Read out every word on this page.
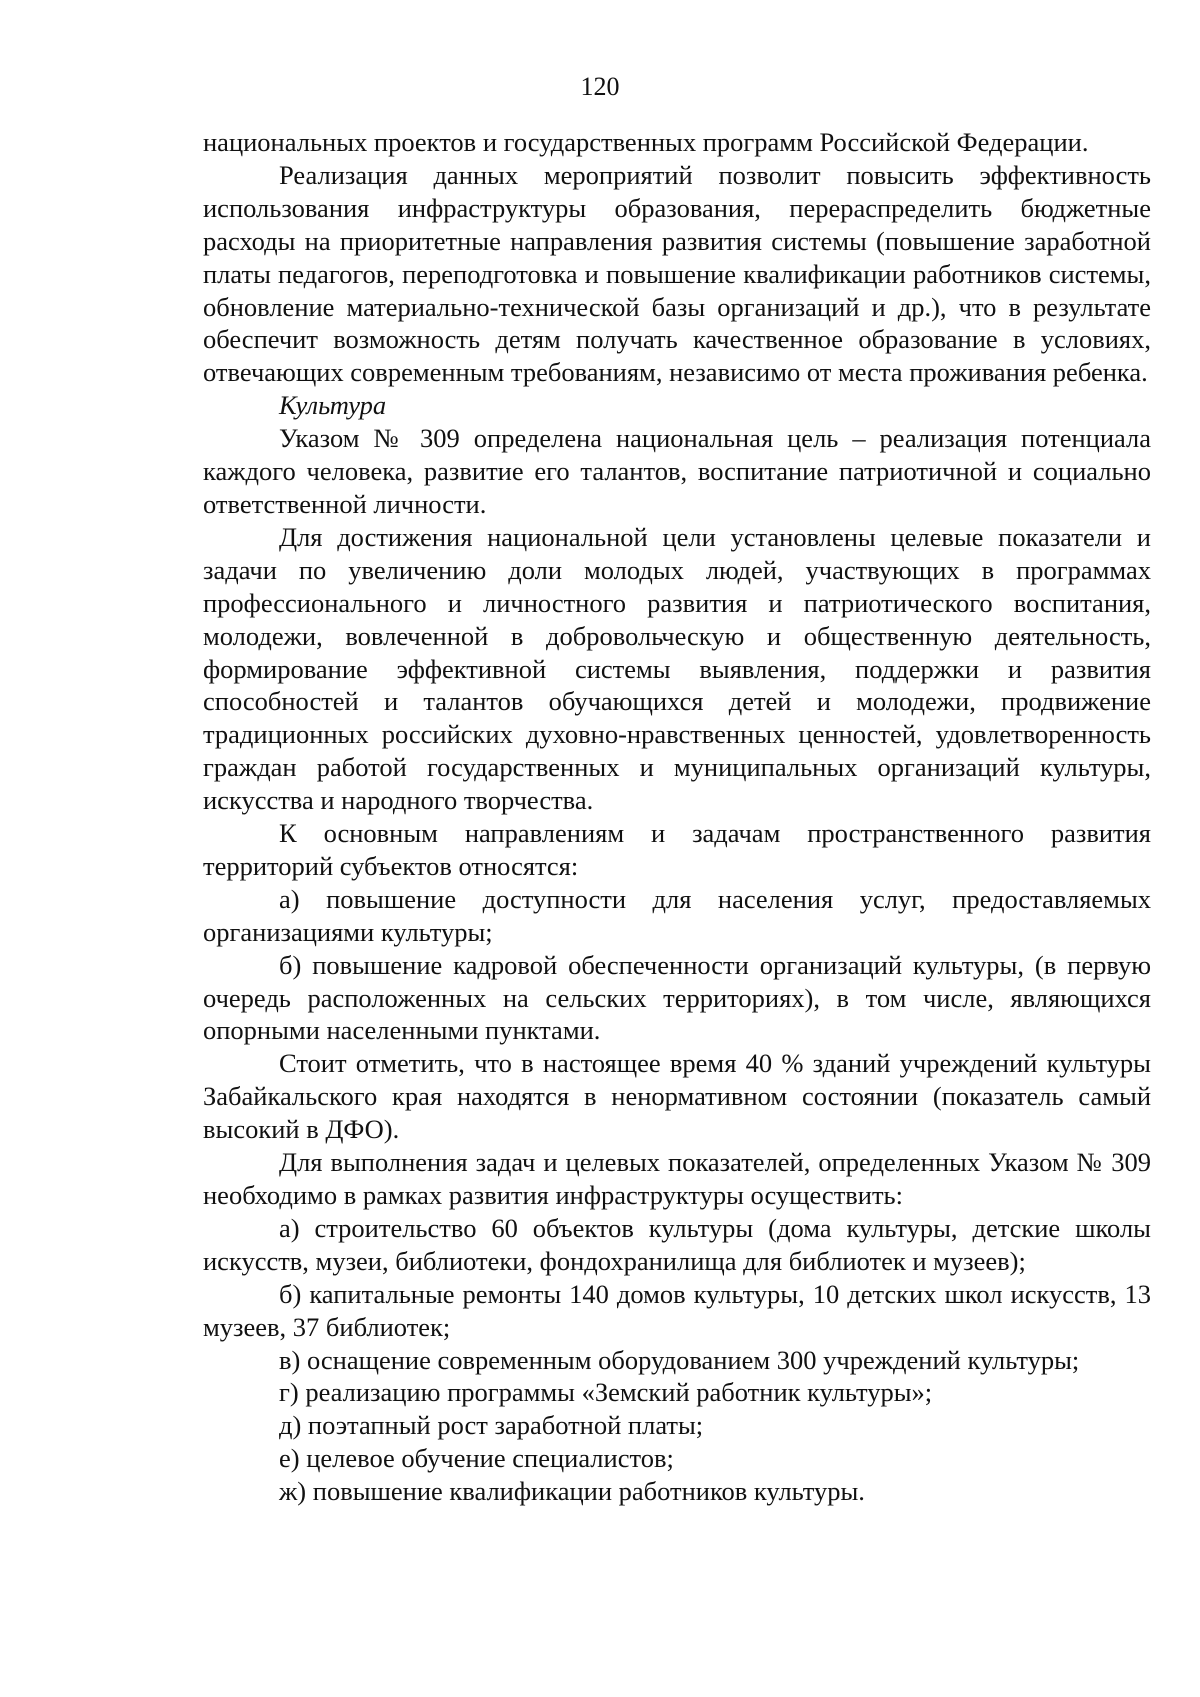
120

национальных проектов и государственных программ Российской Федерации.

Реализация данных мероприятий позволит повысить эффективность использования инфраструктуры образования, перераспределить бюджетные расходы на приоритетные направления развития системы (повышение заработной платы педагогов, переподготовка и повышение квалификации работников системы, обновление материально-технической базы организаций и др.), что в результате обеспечит возможность детям получать качественное образование в условиях, отвечающих современным требованиям, независимо от места проживания ребенка.

Культура

Указом № 309 определена национальная цель – реализация потенциала каждого человека, развитие его талантов, воспитание патриотичной и социально ответственной личности.

Для достижения национальной цели установлены целевые показатели и задачи по увеличению доли молодых людей, участвующих в программах профессионального и личностного развития и патриотического воспитания, молодежи, вовлеченной в добровольческую и общественную деятельность, формирование эффективной системы выявления, поддержки и развития способностей и талантов обучающихся детей и молодежи, продвижение традиционных российских духовно-нравственных ценностей, удовлетворенность граждан работой государственных и муниципальных организаций культуры, искусства и народного творчества.

К основным направлениям и задачам пространственного развития территорий субъектов относятся:

а) повышение доступности для населения услуг, предоставляемых организациями культуры;

б) повышение кадровой обеспеченности организаций культуры, (в первую очередь расположенных на сельских территориях), в том числе, являющихся опорными населенными пунктами.

Стоит отметить, что в настоящее время 40 % зданий учреждений культуры Забайкальского края находятся в ненормативном состоянии (показатель самый высокий в ДФО).

Для выполнения задач и целевых показателей, определенных Указом № 309 необходимо в рамках развития инфраструктуры осуществить:

а) строительство 60 объектов культуры (дома культуры, детские школы искусств, музеи, библиотеки, фондохранилища для библиотек и музеев);

б) капитальные ремонты 140 домов культуры, 10 детских школ искусств, 13 музеев, 37 библиотек;

в) оснащение современным оборудованием 300 учреждений культуры;

г) реализацию программы «Земский работник культуры»;

д) поэтапный рост заработной платы;

е) целевое обучение специалистов;

ж) повышение квалификации работников культуры.
